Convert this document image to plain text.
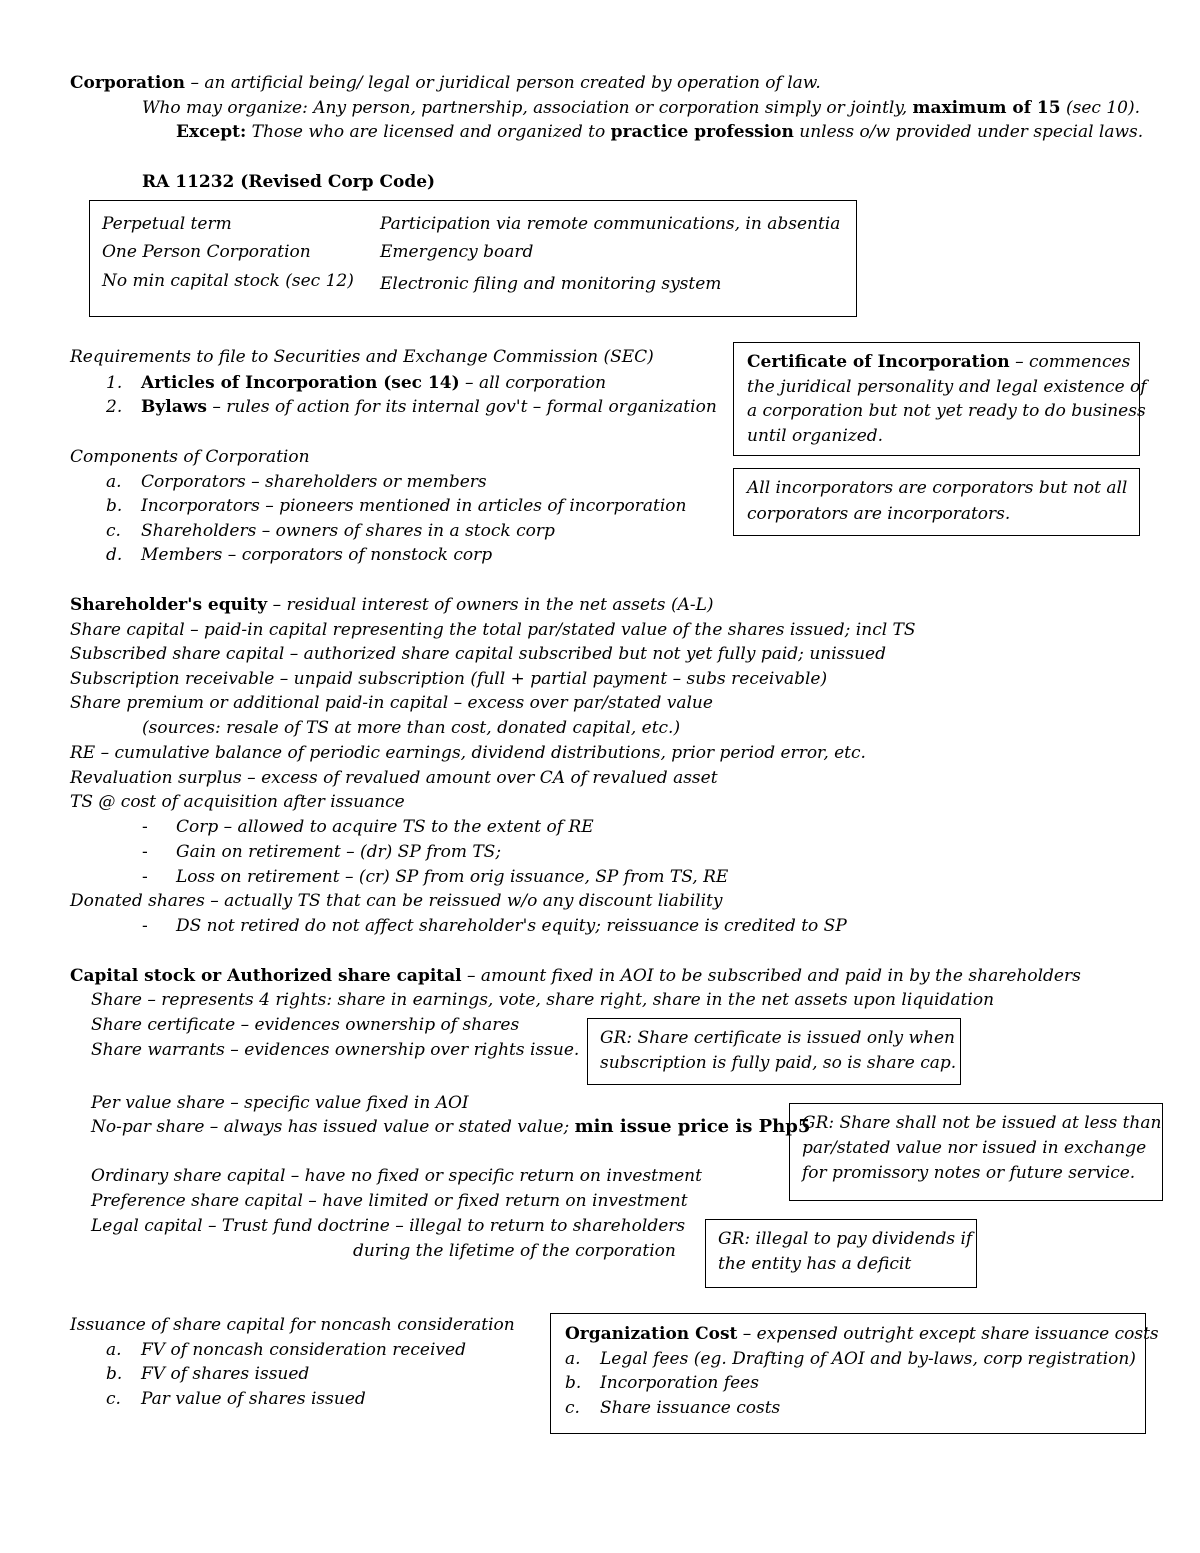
Corporation – an artificial being/ legal or juridical person created by operation of law.
Who may organize: Any person, partnership, association or corporation simply or jointly, maximum of 15 (sec 10).
Except: Those who are licensed and organized to practice profession unless o/w provided under special laws.
RA 11232 (Revised Corp Code)
Perpetual term
One Person Corporation
No min capital stock (sec 12)
Participation via remote communications, in absentia
Emergency board
Electronic filing and monitoring system
Requirements to file to Securities and Exchange Commission (SEC)
1. Articles of Incorporation (sec 14) – all corporation
2. Bylaws – rules of action for its internal gov't – formal organization
Certificate of Incorporation – commences
the juridical personality and legal existence of
a corporation but not yet ready to do business
until organized.
All incorporators are corporators but not all
corporators are incorporators.
Components of Corporation
a. Corporators – shareholders or members
b. Incorporators – pioneers mentioned in articles of incorporation
c. Shareholders – owners of shares in a stock corp
d. Members – corporators of nonstock corp
Shareholder's equity – residual interest of owners in the net assets (A-L)
Share capital – paid-in capital representing the total par/stated value of the shares issued; incl TS
Subscribed share capital – authorized share capital subscribed but not yet fully paid; unissued
Subscription receivable – unpaid subscription (full + partial payment – subs receivable)
Share premium or additional paid-in capital – excess over par/stated value
(sources: resale of TS at more than cost, donated capital, etc.)
RE – cumulative balance of periodic earnings, dividend distributions, prior period error, etc.
Revaluation surplus – excess of revalued amount over CA of revalued asset
TS @ cost of acquisition after issuance
- Corp – allowed to acquire TS to the extent of RE
- Gain on retirement – (dr) SP from TS;
- Loss on retirement – (cr) SP from orig issuance, SP from TS, RE
Donated shares – actually TS that can be reissued w/o any discount liability
- DS not retired do not affect shareholder's equity; reissuance is credited to SP
Capital stock or Authorized share capital – amount fixed in AOI to be subscribed and paid in by the shareholders
Share – represents 4 rights: share in earnings, vote, share right, share in the net assets upon liquidation
Share certificate – evidences ownership of shares
Share warrants – evidences ownership over rights issue.
GR: Share certificate is issued only when
subscription is fully paid, so is share cap.
Per value share – specific value fixed in AOI
No-par share – always has issued value or stated value; min issue price is Php5
GR: Share shall not be issued at less than
par/stated value nor issued in exchange
for promissory notes or future service.
Ordinary share capital – have no fixed or specific return on investment
Preference share capital – have limited or fixed return on investment
Legal capital – Trust fund doctrine – illegal to return to shareholders
during the lifetime of the corporation
GR: illegal to pay dividends if
the entity has a deficit
Issuance of share capital for noncash consideration
a. FV of noncash consideration received
b. FV of shares issued
c. Par value of shares issued
Organization Cost – expensed outright except share issuance costs
a. Legal fees (eg. Drafting of AOI and by-laws, corp registration)
b. Incorporation fees
c. Share issuance costs
